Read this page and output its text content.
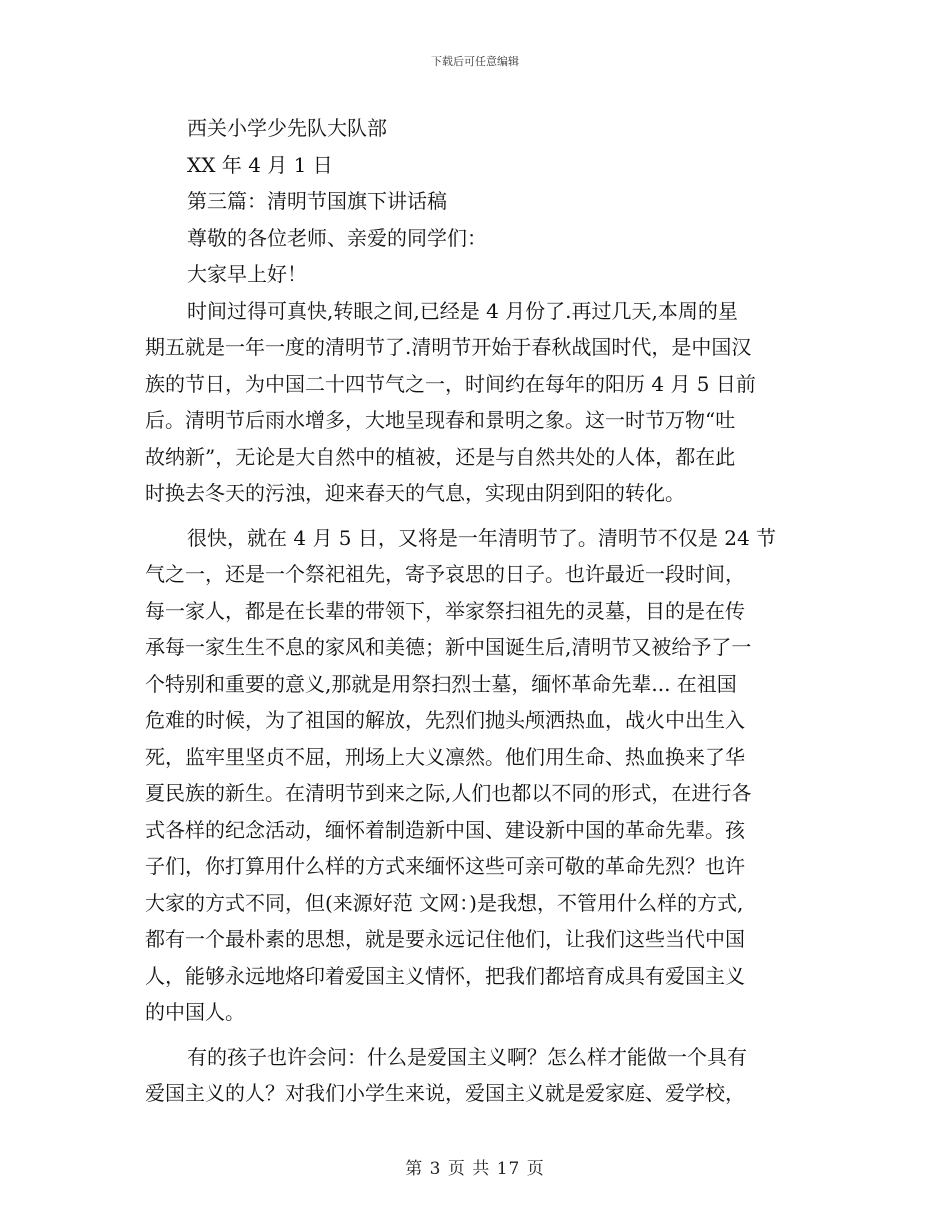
下载后可任意编辑
西关小学少先队大队部
XX 年 4 月 1 日
第三篇：清明节国旗下讲话稿
尊敬的各位老师、亲爱的同学们：
大家早上好！
时间过得可真快,转眼之间,已经是 4 月份了.再过几天,本周的星
期五就是一年一度的清明节了.清明节开始于春秋战国时代，是中国汉
族的节日，为中国二十四节气之一，时间约在每年的阳历 4 月 5 日前
后。清明节后雨水增多，大地呈现春和景明之象。这一时节万物“吐
故纳新”，无论是大自然中的植被，还是与自然共处的人体，都在此
时换去冬天的污浊，迎来春天的气息，实现由阴到阳的转化。
很快，就在 4 月 5 日，又将是一年清明节了。清明节不仅是 24 节
气之一，还是一个祭祀祖先，寄予哀思的日子。也许最近一段时间，
每一家人，都是在长辈的带领下，举家祭扫祖先的灵墓，目的是在传
承每一家生生不息的家风和美德；新中国诞生后,清明节又被给予了一
个特别和重要的意义,那就是用祭扫烈士墓，缅怀革命先辈... 在祖国
危难的时候，为了祖国的解放，先烈们抛头颅洒热血，战火中出生入
死，监牢里坚贞不屈，刑场上大义凛然。他们用生命、热血换来了华
夏民族的新生。在清明节到来之际,人们也都以不同的形式，在进行各
式各样的纪念活动，缅怀着制造新中国、建设新中国的革命先辈。孩
子们，你打算用什么样的方式来缅怀这些可亲可敬的革命先烈？也许
大家的方式不同，但(来源好范 文网：)是我想，不管用什么样的方式,
都有一个最朴素的思想，就是要永远记住他们，让我们这些当代中国
人，能够永远地烙印着爱国主义情怀，把我们都培育成具有爱国主义
的中国人。
有的孩子也许会问：什么是爱国主义啊？怎么样才能做一个具有
爱国主义的人？对我们小学生来说，爱国主义就是爱家庭、爱学校，
第 3 页 共 17 页
